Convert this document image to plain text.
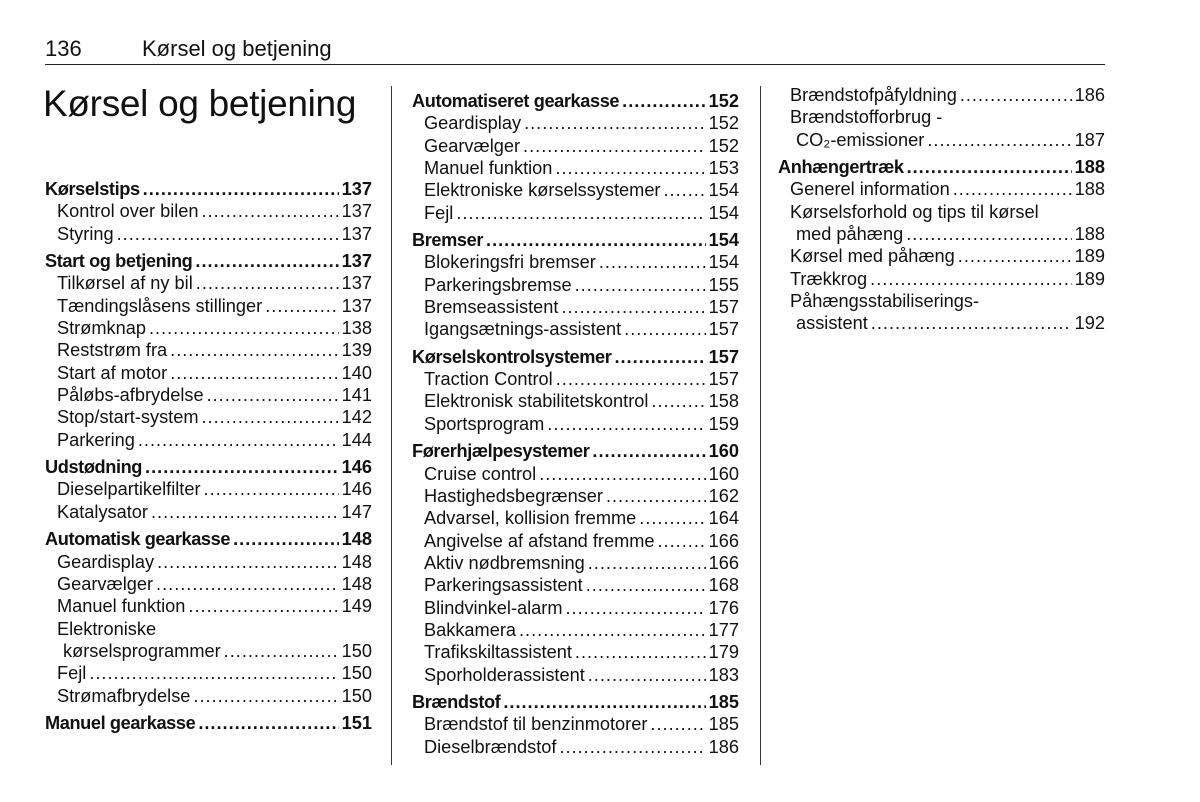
136	Kørsel og betjening
Kørsel og betjening
Kørselstips .....	137
Kontrol over bilen .....	137
Styring .....	137
Start og betjening .....	137
Tilkørsel af ny bil .....	137
Tændingslåsens stillinger .....	137
Strømknap .....	138
Reststrøm fra .....	139
Start af motor .....	140
Påløbs-afbrydelse .....	141
Stop/start-system .....	142
Parkering .....	144
Udstødning .....	146
Dieselpartikelfilter .....	146
Katalysator .....	147
Automatisk gearkasse .....	148
Geardisplay .....	148
Gearvælger .....	148
Manuel funktion .....	149
Elektroniske
kørselsprogrammer .....	150
Fejl .....	150
Strømafbrydelse .....	150
Manuel gearkasse .....	151
Automatiseret gearkasse .....	152
Geardisplay .....	152
Gearvælger .....	152
Manuel funktion .....	153
Elektroniske kørselssystemer .....	154
Fejl .....	154
Bremser .....	154
Blokeringsfri bremser .....	154
Parkeringsbremse .....	155
Bremseassistent .....	157
Igangsætnings-assistent .....	157
Kørselskontrolsystemer .....	157
Traction Control .....	157
Elektronisk stabilitetskontrol .....	158
Sportsprogram .....	159
Førerhjælpesystemer .....	160
Cruise control .....	160
Hastighedsbegrænser .....	162
Advarsel, kollision fremme .....	164
Angivelse af afstand fremme .....	166
Aktiv nødbremsning .....	166
Parkeringsassistent .....	168
Blindvinkel-alarm .....	176
Bakkamera .....	177
Trafikskiltassistent .....	179
Sporholderassistent .....	183
Brændstof .....	185
Brændstof til benzinmotorer .....	185
Dieselbrændstof .....	186
Brændstofpåfyldning .....	186
Brændstofforbrug -
CO₂-emissioner .....	187
Anhængertræk .....	188
Generel information .....	188
Kørselsforhold og tips til kørsel
med påhæng .....	188
Kørsel med påhæng .....	189
Trækkrog .....	189
Påhængsstabiliserings-
assistent .....	192
